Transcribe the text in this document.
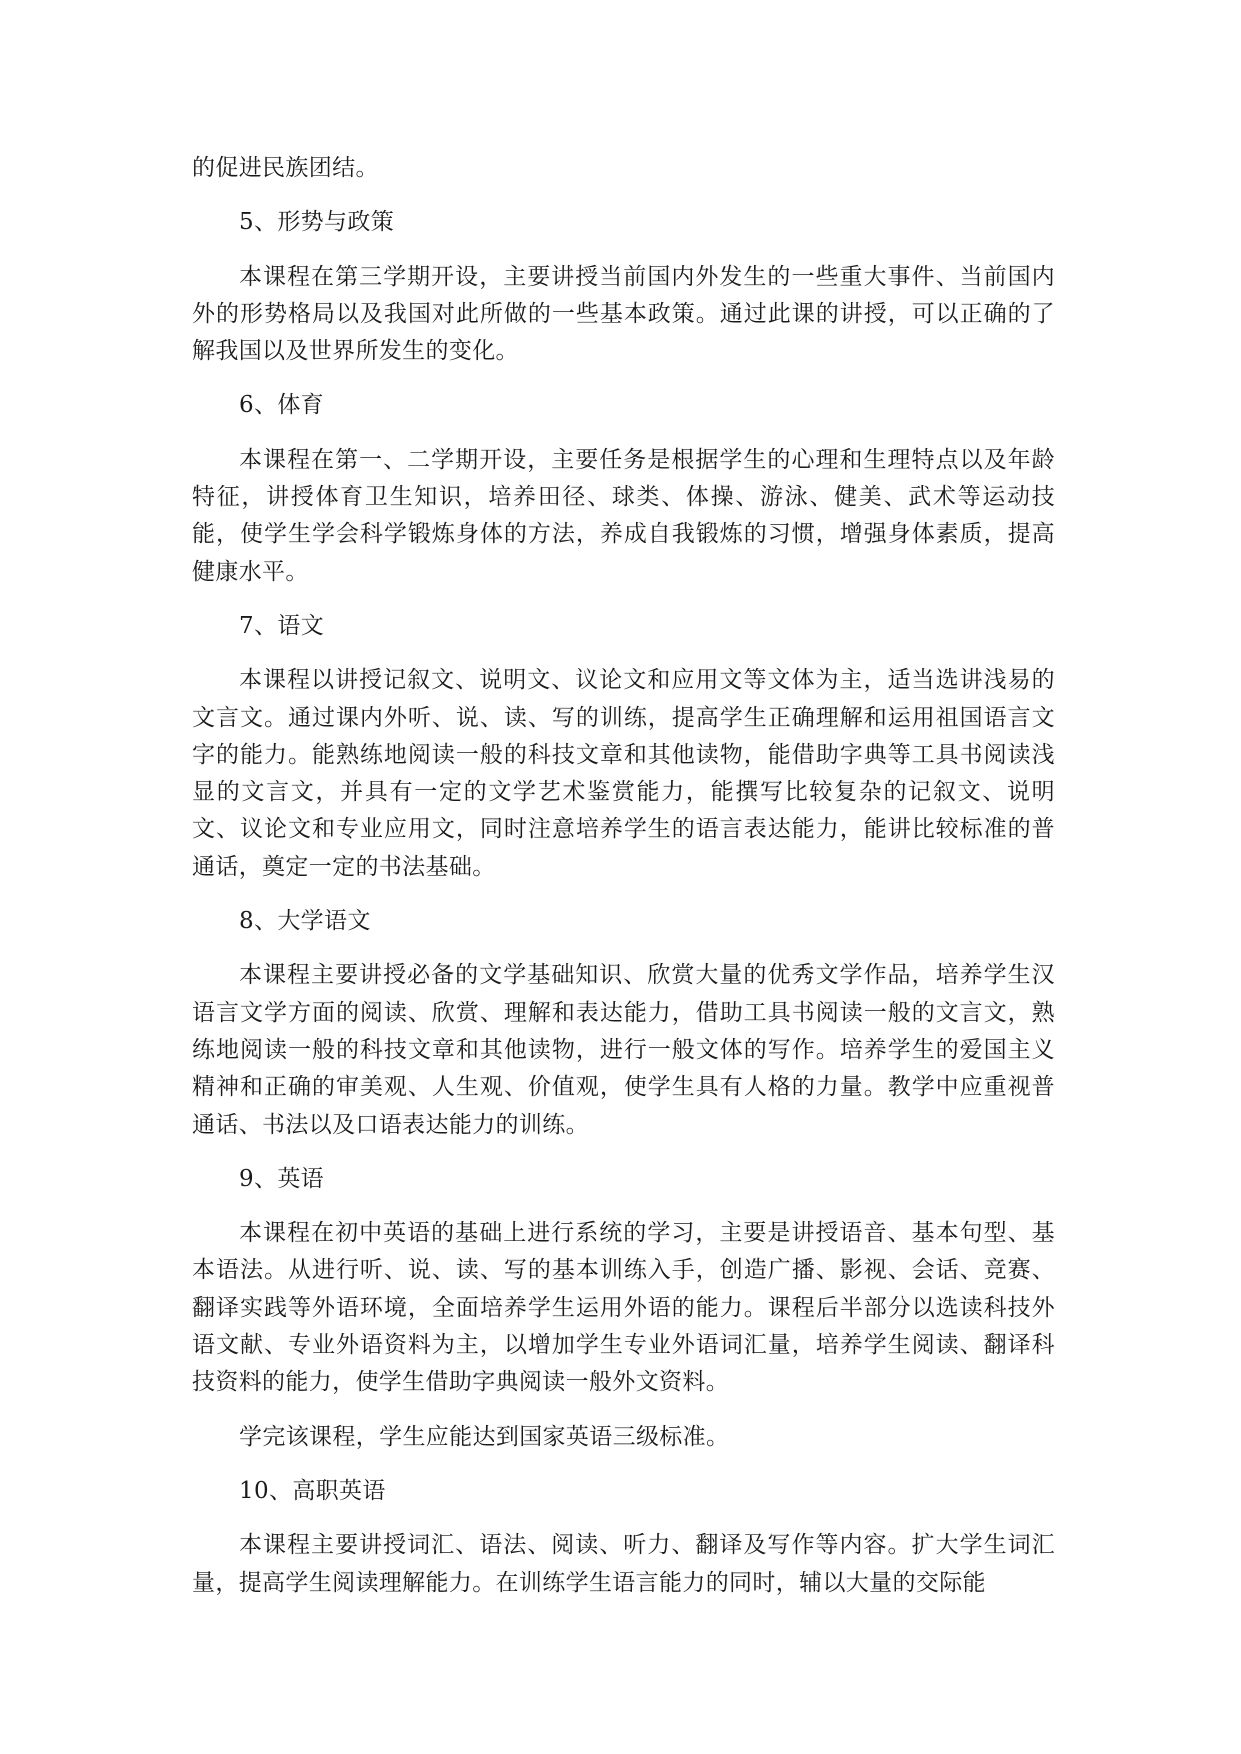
的促进民族团结。

5、形势与政策

本课程在第三学期开设，主要讲授当前国内外发生的一些重大事件、当前国内外的形势格局以及我国对此所做的一些基本政策。通过此课的讲授，可以正确的了解我国以及世界所发生的变化。

6、体育

本课程在第一、二学期开设，主要任务是根据学生的心理和生理特点以及年龄特征，讲授体育卫生知识，培养田径、球类、体操、游泳、健美、武术等运动技能，使学生学会科学锻炼身体的方法，养成自我锻炼的习惯，增强身体素质，提高健康水平。

7、语文

本课程以讲授记叙文、说明文、议论文和应用文等文体为主，适当选讲浅易的文言文。通过课内外听、说、读、写的训练，提高学生正确理解和运用祖国语言文字的能力。能熟练地阅读一般的科技文章和其他读物，能借助字典等工具书阅读浅显的文言文，并具有一定的文学艺术鉴赏能力，能撰写比较复杂的记叙文、说明文、议论文和专业应用文，同时注意培养学生的语言表达能力，能讲比较标准的普通话，奠定一定的书法基础。

8、大学语文

本课程主要讲授必备的文学基础知识、欣赏大量的优秀文学作品，培养学生汉语言文学方面的阅读、欣赏、理解和表达能力，借助工具书阅读一般的文言文，熟练地阅读一般的科技文章和其他读物，进行一般文体的写作。培养学生的爱国主义精神和正确的审美观、人生观、价值观，使学生具有人格的力量。教学中应重视普通话、书法以及口语表达能力的训练。

9、英语

本课程在初中英语的基础上进行系统的学习，主要是讲授语音、基本句型、基本语法。从进行听、说、读、写的基本训练入手，创造广播、影视、会话、竞赛、翻译实践等外语环境，全面培养学生运用外语的能力。课程后半部分以选读科技外语文献、专业外语资料为主，以增加学生专业外语词汇量，培养学生阅读、翻译科技资料的能力，使学生借助字典阅读一般外文资料。

学完该课程，学生应能达到国家英语三级标准。

10、高职英语

本课程主要讲授词汇、语法、阅读、听力、翻译及写作等内容。扩大学生词汇量，提高学生阅读理解能力。在训练学生语言能力的同时，辅以大量的交际能
